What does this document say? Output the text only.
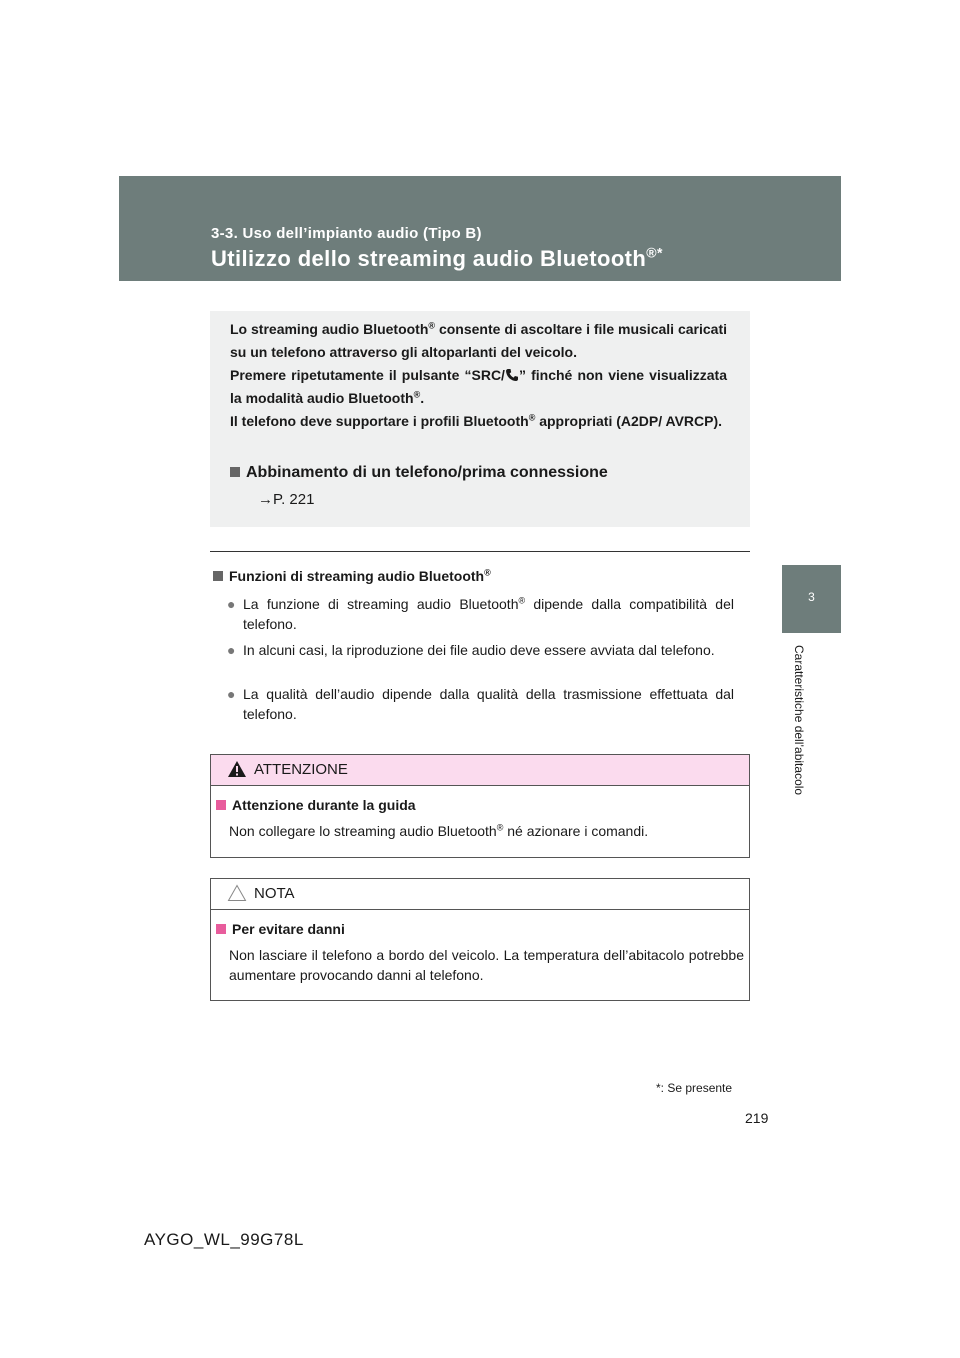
3-3. Uso dell’impianto audio (Tipo B)
Utilizzo dello streaming audio Bluetooth®*
3
Caratteristiche dell’abitacolo
Lo streaming audio Bluetooth® consente di ascoltare i file musicali caricati su un telefono attraverso gli altoparlanti del veicolo.
Premere ripetutamente il pulsante “SRC/ ” finché non viene visualizzata la modalità audio Bluetooth®.
Il telefono deve supportare i profili Bluetooth® appropriati (A2DP/ AVRCP).
Abbinamento di un telefono/prima connessione
→P. 221
Funzioni di streaming audio Bluetooth®
● La funzione di streaming audio Bluetooth® dipende dalla compatibilità del telefono.
● In alcuni casi, la riproduzione dei file audio deve essere avviata dal telefono.
● La qualità dell’audio dipende dalla qualità della trasmissione effettuata dal telefono.
ATTENZIONE
Attenzione durante la guida
Non collegare lo streaming audio Bluetooth® né azionare i comandi.
NOTA
Per evitare danni
Non lasciare il telefono a bordo del veicolo. La temperatura dell’abitacolo potrebbe aumentare provocando danni al telefono.
*: Se presente
219
AYGO_WL_99G78L
